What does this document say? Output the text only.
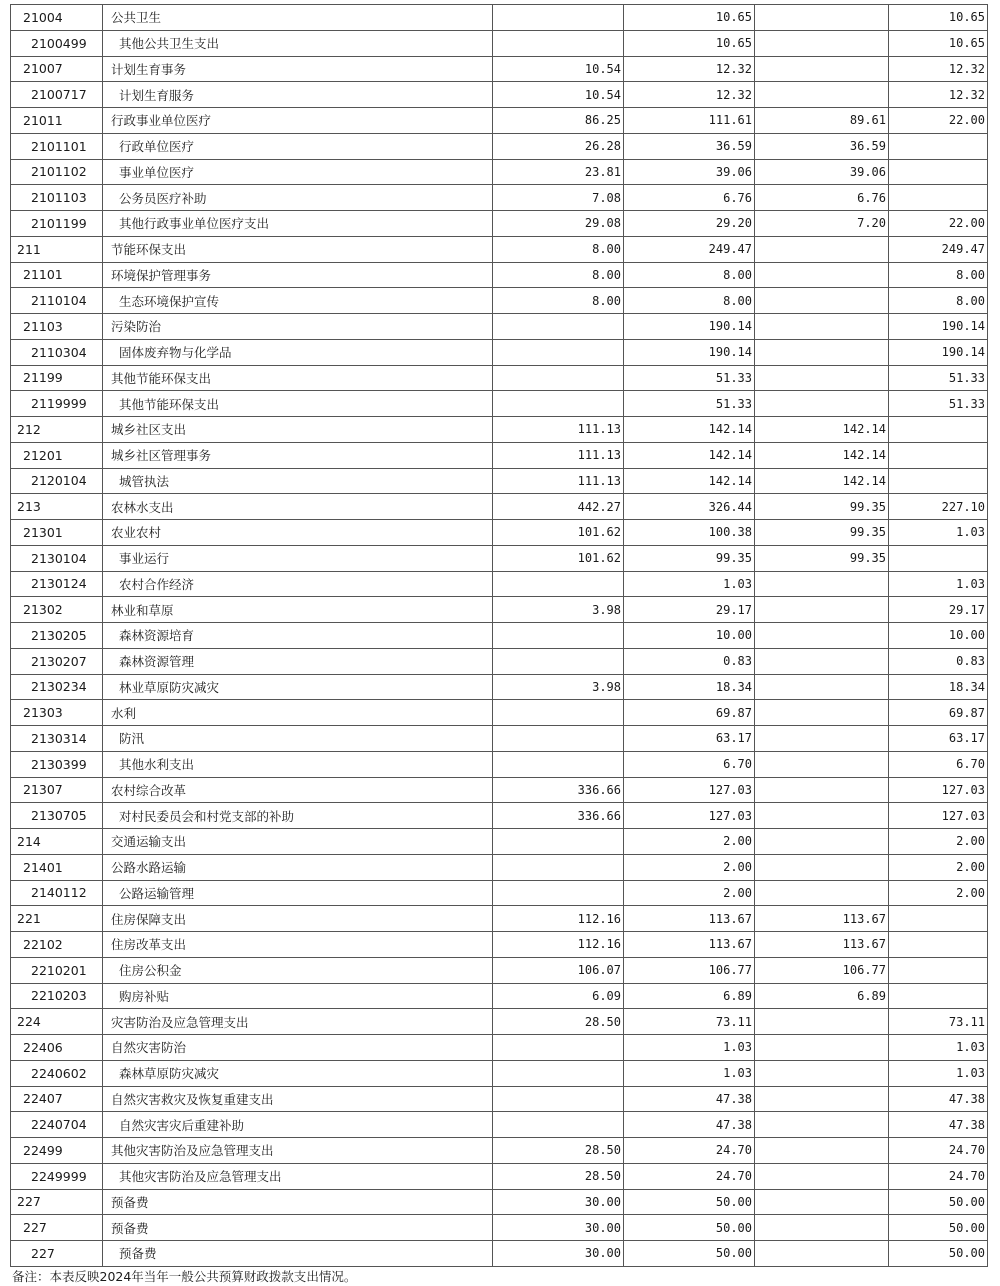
21004	公共卫生		10.65		10.65
2100499	其他公共卫生支出		10.65		10.65
21007	计划生育事务	10.54	12.32		12.32
2100717	计划生育服务	10.54	12.32		12.32
21011	行政事业单位医疗	86.25	111.61	89.61	22.00
2101101	行政单位医疗	26.28	36.59	36.59	
2101102	事业单位医疗	23.81	39.06	39.06	
2101103	公务员医疗补助	7.08	6.76	6.76	
2101199	其他行政事业单位医疗支出	29.08	29.20	7.20	22.00
211	节能环保支出	8.00	249.47		249.47
21101	环境保护管理事务	8.00	8.00		8.00
2110104	生态环境保护宣传	8.00	8.00		8.00
21103	污染防治		190.14		190.14
2110304	固体废弃物与化学品		190.14		190.14
21199	其他节能环保支出		51.33		51.33
2119999	其他节能环保支出		51.33		51.33
212	城乡社区支出	111.13	142.14	142.14	
21201	城乡社区管理事务	111.13	142.14	142.14	
2120104	城管执法	111.13	142.14	142.14	
213	农林水支出	442.27	326.44	99.35	227.10
21301	农业农村	101.62	100.38	99.35	1.03
2130104	事业运行	101.62	99.35	99.35	
2130124	农村合作经济		1.03		1.03
21302	林业和草原	3.98	29.17		29.17
2130205	森林资源培育		10.00		10.00
2130207	森林资源管理		0.83		0.83
2130234	林业草原防灾减灾	3.98	18.34		18.34
21303	水利		69.87		69.87
2130314	防汛		63.17		63.17
2130399	其他水利支出		6.70		6.70
21307	农村综合改革	336.66	127.03		127.03
2130705	对村民委员会和村党支部的补助	336.66	127.03		127.03
214	交通运输支出		2.00		2.00
21401	公路水路运输		2.00		2.00
2140112	公路运输管理		2.00		2.00
221	住房保障支出	112.16	113.67	113.67	
22102	住房改革支出	112.16	113.67	113.67	
2210201	住房公积金	106.07	106.77	106.77	
2210203	购房补贴	6.09	6.89	6.89	
224	灾害防治及应急管理支出	28.50	73.11		73.11
22406	自然灾害防治		1.03		1.03
2240602	森林草原防灾减灾		1.03		1.03
22407	自然灾害救灾及恢复重建支出		47.38		47.38
2240704	自然灾害灾后重建补助		47.38		47.38
22499	其他灾害防治及应急管理支出	28.50	24.70		24.70
2249999	其他灾害防治及应急管理支出	28.50	24.70		24.70
227	预备费	30.00	50.00		50.00
227	预备费	30.00	50.00		50.00
227	预备费	30.00	50.00		50.00
备注：本表反映2024年当年一般公共预算财政拨款支出情况。
